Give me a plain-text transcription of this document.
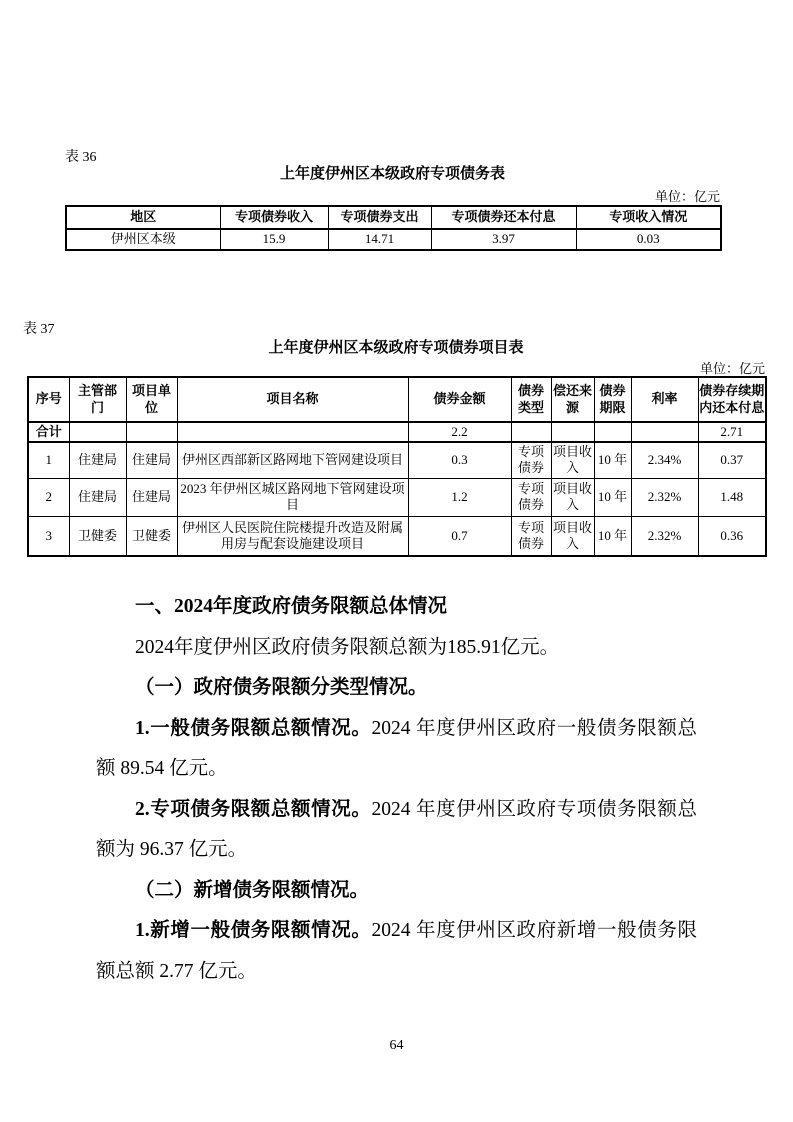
表 36
上年度伊州区本级政府专项债务表
单位：亿元
地区	专项债券收入	专项债券支出	专项债券还本付息	专项收入情况
伊州区本级	15.9	14.71	3.97	0.03
表 37
上年度伊州区本级政府专项债券项目表
单位：亿元
序号	主管部门	项目单位	项目名称	债券金额	债券类型	偿还来源	债券期限	利率	债券存续期内还本付息
合计				2.2					2.71
1	住建局	住建局	伊州区西部新区路网地下管网建设项目	0.3	专项债券	项目收入	10 年	2.34%	0.37
2	住建局	住建局	2023 年伊州区城区路网地下管网建设项目	1.2	专项债券	项目收入	10 年	2.32%	1.48
3	卫健委	卫健委	伊州区人民医院住院楼提升改造及附属用房与配套设施建设项目	0.7	专项债券	项目收入	10 年	2.32%	0.36

一、2024年度政府债务限额总体情况

2024年度伊州区政府债务限额总额为185.91亿元。

（一）政府债务限额分类型情况。

1.一般债务限额总额情况。2024 年度伊州区政府一般债务限额总额 89.54 亿元。

2.专项债务限额总额情况。2024 年度伊州区政府专项债务限额总额为 96.37 亿元。

（二）新增债务限额情况。

1.新增一般债务限额情况。2024 年度伊州区政府新增一般债务限额总额 2.77 亿元。

64
